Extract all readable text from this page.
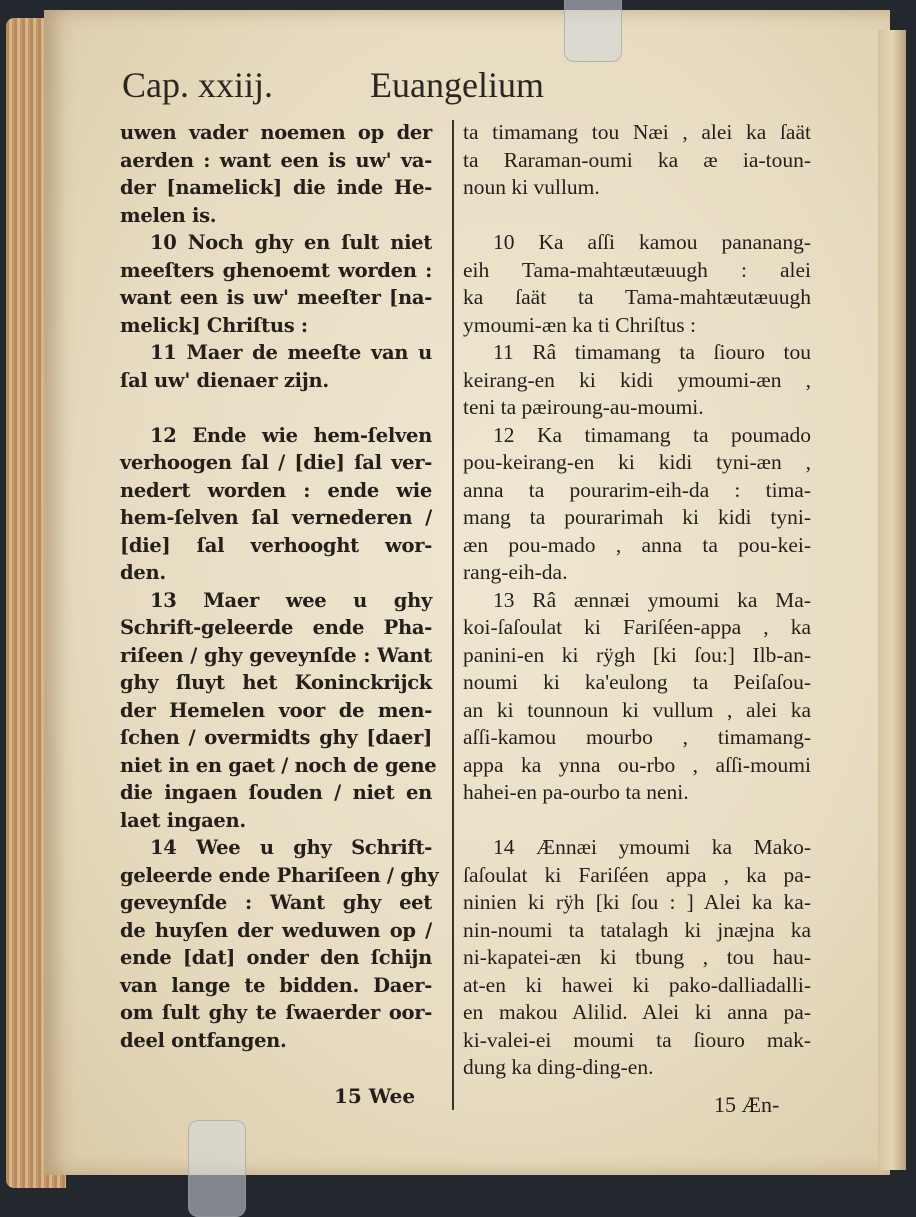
Cap. xxiij.	Euangelium
uwen vader noemen op der
aerden : want een is uw' va-
der [namelick] die inde He-
melen is.
10 Noch ghy en ſult niet
meeſters ghenoemt worden :
want een is uw' meeſter [na-
melick] Chriſtus :
11 Maer de meeſte van u
ſal uw' dienaer zijn.
12 Ende wie hem-ſelven
verhoogen ſal / [die] ſal ver-
nedert worden : ende wie
hem-ſelven ſal vernederen /
[die] ſal verhooght wor-
den.
13 Maer wee u ghy
Schrift-geleerde ende Pha-
riſeen / ghy geveynſde : Want
ghy ſluyt het Koninckrijck
der Hemelen voor de men-
ſchen / overmidts ghy [daer]
niet in en gaet / noch de gene
die ingaen ſouden / niet en
laet ingaen.
14 Wee u ghy Schrift-
geleerde ende Phariſeen / ghy
geveynſde : Want ghy eet
de huyſen der weduwen op /
ende [dat] onder den ſchijn
van lange te bidden. Daer-
om ſult ghy te ſwaerder oor-
deel ontfangen.
ta timamang tou Næi , alei ka ſaät
ta Raraman-oumi ka æ ia-toun-
noun ki vullum.
10 Ka aſſi kamou pananang-
eih Tama-mahtæutæuugh : alei
ka ſaät ta Tama-mahtæutæuugh
ymoumi-æn ka ti Chriſtus :
11 Râ timamang ta ſiouro tou
keirang-en ki kidi ymoumi-æn ,
teni ta pæiroung-au-moumi.
12 Ka timamang ta poumado
pou-keirang-en ki kidi tyni-æn ,
anna ta pourarim-eih-da : tima-
mang ta pourarimah ki kidi tyni-
æn pou-mado , anna ta pou-kei-
rang-eih-da.
13 Râ ænnæi ymoumi ka Ma-
koi-ſaſoulat ki Fariſéen-appa , ka
panini-en ki rÿgh [ki ſou:] Ilb-an-
noumi ki ka'eulong ta Peiſaſou-
an ki tounnoun ki vullum , alei ka
aſſi-kamou mourbo , timamang-
appa ka ynna ou-rbo , aſſi-moumi
hahei-en pa-ourbo ta neni.
14 Ænnæi ymoumi ka Mako-
ſaſoulat ki Fariſéen appa , ka pa-
ninien ki rÿh [ki ſou : ] Alei ka ka-
nin-noumi ta tatalagh ki jnæjna ka
ni-kapatei-æn ki tbung , tou hau-
at-en ki hawei ki pako-dalliadalli-
en makou Alilid. Alei ki anna pa-
ki-valei-ei moumi ta ſiouro mak-
dung ka ding-ding-en.
15 Wee	15 Æn-
